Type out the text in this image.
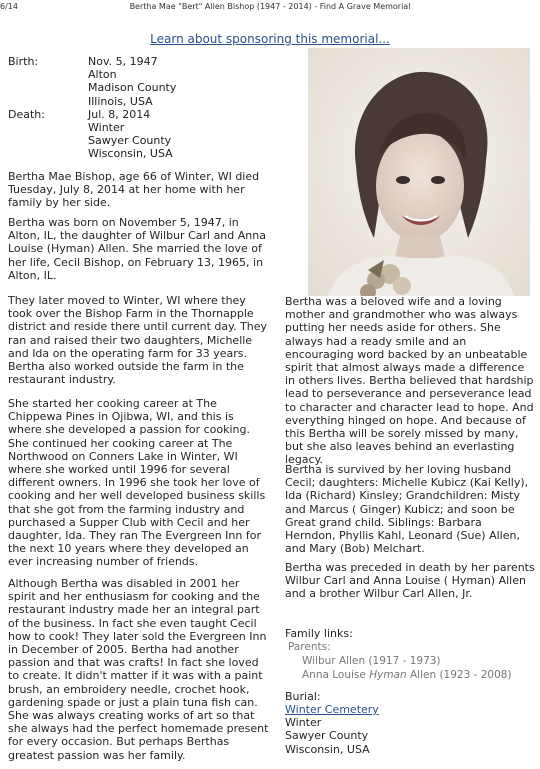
6/14	Bertha Mae "Bert" Allen Bishop (1947 - 2014) - Find A Grave Memorial
Learn about sponsoring this memorial...
Birth:	Nov. 5, 1947
Alton
Madison County
Illinois, USA
Death:	Jul. 8, 2014
Winter
Sawyer County
Wisconsin, USA

Bertha Mae Bishop, age 66 of Winter, WI died Tuesday, July 8, 2014 at her home with her family by her side.

Bertha was born on November 5, 1947, in Alton, IL, the daughter of Wilbur Carl and Anna Louise (Hyman) Allen. She married the love of her life, Cecil Bishop, on February 13, 1965, in Alton, IL.

They later moved to Winter, WI where they took over the Bishop Farm in the Thornapple district and reside there until current day. They ran and raised their two daughters, Michelle and Ida on the operating farm for 33 years. Bertha also worked outside the farm in the restaurant industry.

She started her cooking career at The Chippewa Pines in Ojibwa, WI, and this is where she developed a passion for cooking. She continued her cooking career at The Northwood on Conners Lake in Winter, WI where she worked until 1996 for several different owners. In 1996 she took her love of cooking and her well developed business skills that she got from the farming industry and purchased a Supper Club with Cecil and her daughter, Ida. They ran The Evergreen Inn for the next 10 years where they developed an ever increasing number of friends.

Although Bertha was disabled in 2001 her spirit and her enthusiasm for cooking and the restaurant industry made her an integral part of the business. In fact she even taught Cecil how to cook! They later sold the Evergreen Inn in December of 2005. Bertha had another passion and that was crafts! In fact she loved to create. It didn't matter if it was with a paint brush, an embroidery needle, crochet hook, gardening spade or just a plain tuna fish can. She was always creating works of art so that she always had the perfect homemade present for every occasion. But perhaps Berthas greatest passion was her family.

Bertha was a beloved wife and a loving mother and grandmother who was always putting her needs aside for others. She always had a ready smile and an encouraging word backed by an unbeatable spirit that almost always made a difference in others lives. Bertha believed that hardship lead to perseverance and perseverance lead to character and character lead to hope. And everything hinged on hope. And because of this Bertha will be sorely missed by many, but she also leaves behind an everlasting legacy.

Bertha is survived by her loving husband Cecil; daughters: Michelle Kubicz (Kai Kelly), Ida (Richard) Kinsley; Grandchildren: Misty and Marcus ( Ginger) Kubicz; and soon be Great grand child. Siblings: Barbara Herndon, Phyllis Kahl, Leonard (Sue) Allen, and Mary (Bob) Melchart.

Bertha was preceded in death by her parents Wilbur Carl and Anna Louise ( Hyman) Allen and a brother Wilbur Carl Allen, Jr.

Family links:
Parents:
Wilbur Allen (1917 - 1973)
Anna Louise Hyman Allen (1923 - 2008)
Burial:
Winter Cemetery
Winter
Sawyer County
Wisconsin, USA
